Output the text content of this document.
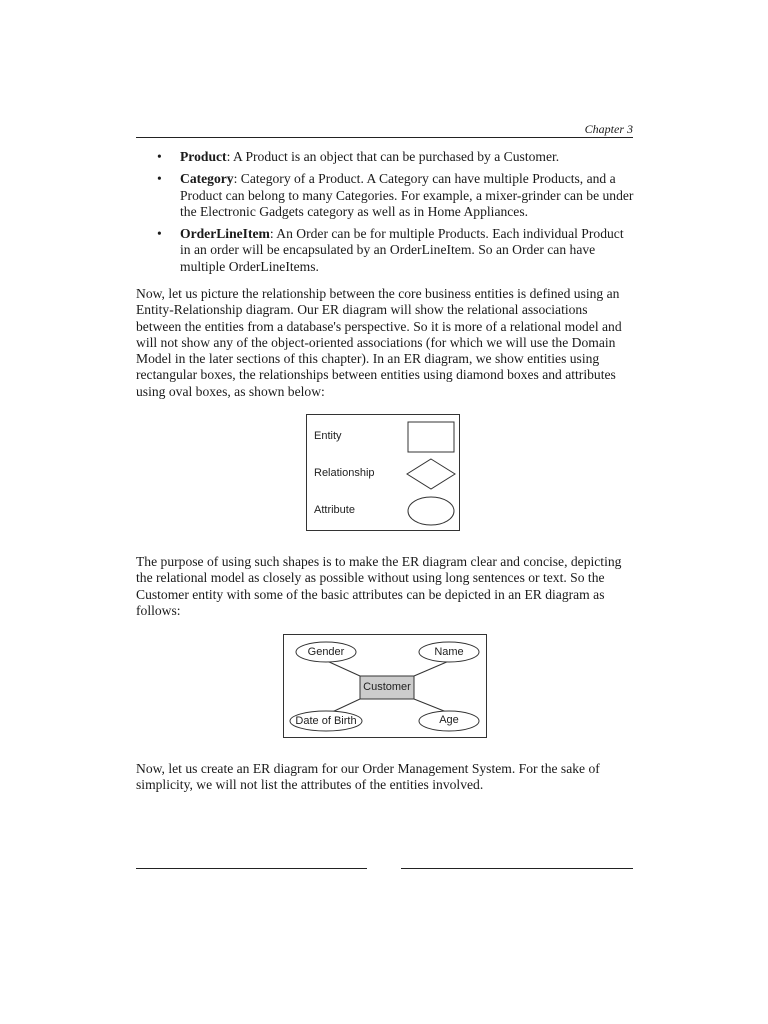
Chapter 3
• Product: A Product is an object that can be purchased by a Customer.
• Category: Category of a Product. A Category can have multiple Products, and a Product can belong to many Categories. For example, a mixer-grinder can be under the Electronic Gadgets category as well as in Home Appliances.
• OrderLineItem: An Order can be for multiple Products. Each individual Product in an order will be encapsulated by an OrderLineItem. So an Order can have multiple OrderLineItems.

Now, let us picture the relationship between the core business entities is defined using an Entity-Relationship diagram. Our ER diagram will show the relational associations between the entities from a database's perspective. So it is more of a relational model and will not show any of the object-oriented associations (for which we will use the Domain Model in the later sections of this chapter). In an ER diagram, we show entities using rectangular boxes, the relationships between entities using diamond boxes and attributes using oval boxes, as shown below:

Entity
Relationship
Attribute

The purpose of using such shapes is to make the ER diagram clear and concise, depicting the relational model as closely as possible without using long sentences or text. So the Customer entity with some of the basic attributes can be depicted in an ER diagram as follows:

Customer
Gender	Name
Date of Birth	Age

Now, let us create an ER diagram for our Order Management System. For the sake of simplicity, we will not list the attributes of the entities involved.
